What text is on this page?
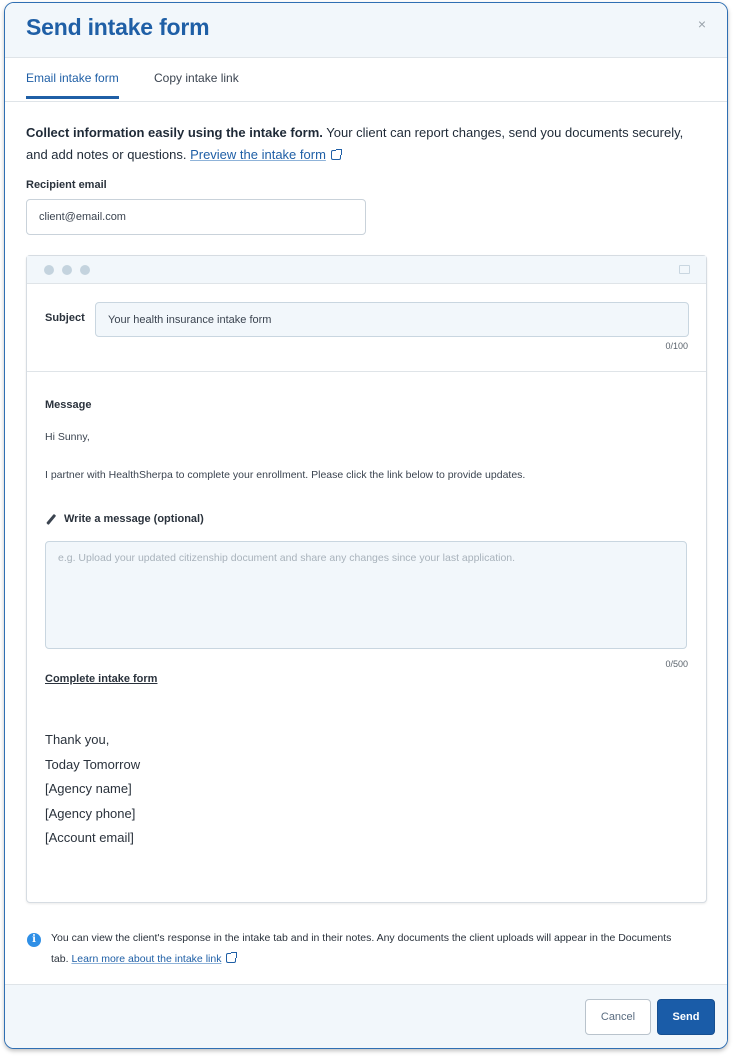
Send intake form	×
Email intake form	Copy intake link
Collect information easily using the intake form. Your client can report changes, send you documents securely, and add notes or questions. Preview the intake form
Recipient email
client@email.com
Subject
Your health insurance intake form
0/100
Message
Hi Sunny,
I partner with HealthSherpa to complete your enrollment. Please click the link below to provide updates.
Write a message (optional)
e.g. Upload your updated citizenship document and share any changes since your last application.
0/500
Complete intake form
Thank you,
Today Tomorrow
[Agency name]
[Agency phone]
[Account email]
i	You can view the client's response in the intake tab and in their notes. Any documents the client uploads will appear in the Documents tab. Learn more about the intake link
Cancel	Send
